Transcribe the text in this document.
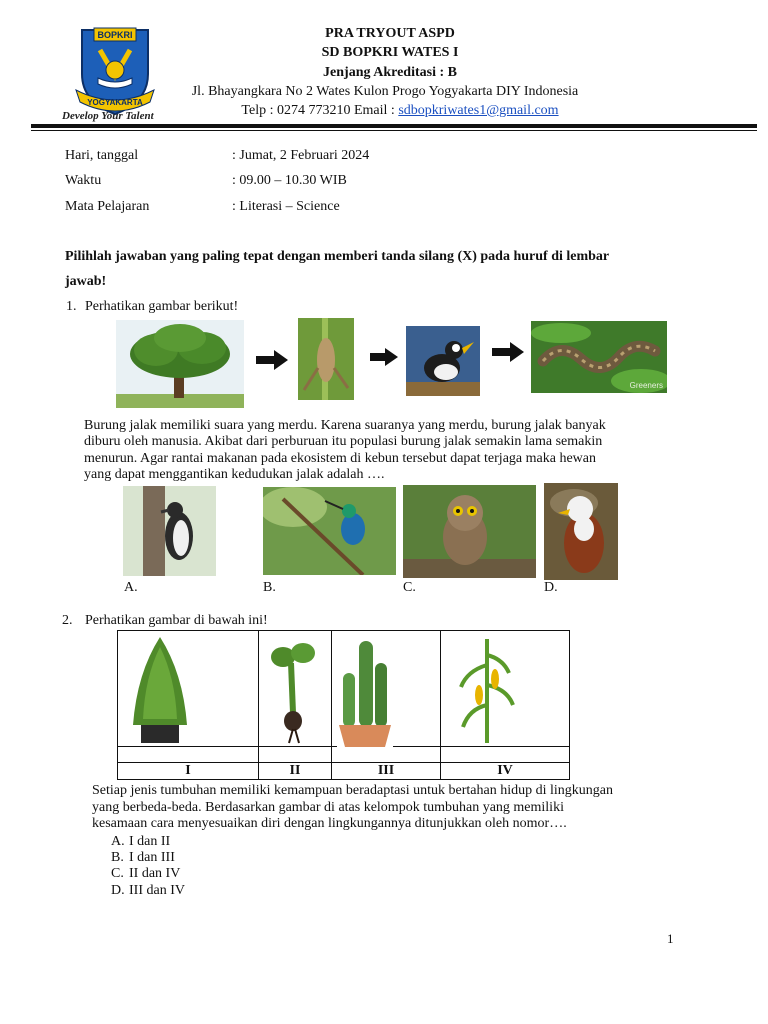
BOPKRI
YOGYAKARTA
Develop Your Talent
PRA TRYOUT ASPD
SD BOPKRI WATES I
Jenjang Akreditasi : B
Jl. Bhayangkara No 2 Wates Kulon Progo Yogyakarta DIY Indonesia
Telp : 0274 773210 Email : sdbopkriwates1@gmail.com
Hari, tanggal	: Jumat, 2 Februari 2024
Waktu	: 09.00 – 10.30 WIB
Mata Pelajaran	: Literasi – Science
Pilihlah jawaban yang paling tepat dengan memberi tanda silang (X) pada huruf di lembar
jawab!
1. Perhatikan gambar berikut!
Greeners
Burung jalak memiliki suara yang merdu. Karena suaranya yang merdu, burung jalak banyak
diburu oleh manusia. Akibat dari perburuan itu populasi burung jalak semakin lama semakin
menurun. Agar rantai makanan pada ekosistem di kebun tersebut dapat terjaga maka hewan
yang dapat menggantikan kedudukan jalak adalah ….
A.	B.	C.	D.
2. Perhatikan gambar di bawah ini!

I	II	III	IV
Setiap jenis tumbuhan memiliki kemampuan beradaptasi untuk bertahan hidup di lingkungan
yang berbeda-beda. Berdasarkan gambar di atas kelompok tumbuhan yang memiliki
kesamaan cara menyesuaikan diri dengan lingkungannya ditunjukkan oleh nomor….
A. I dan II
B. I dan III
C. II dan IV
D. III dan IV
1
